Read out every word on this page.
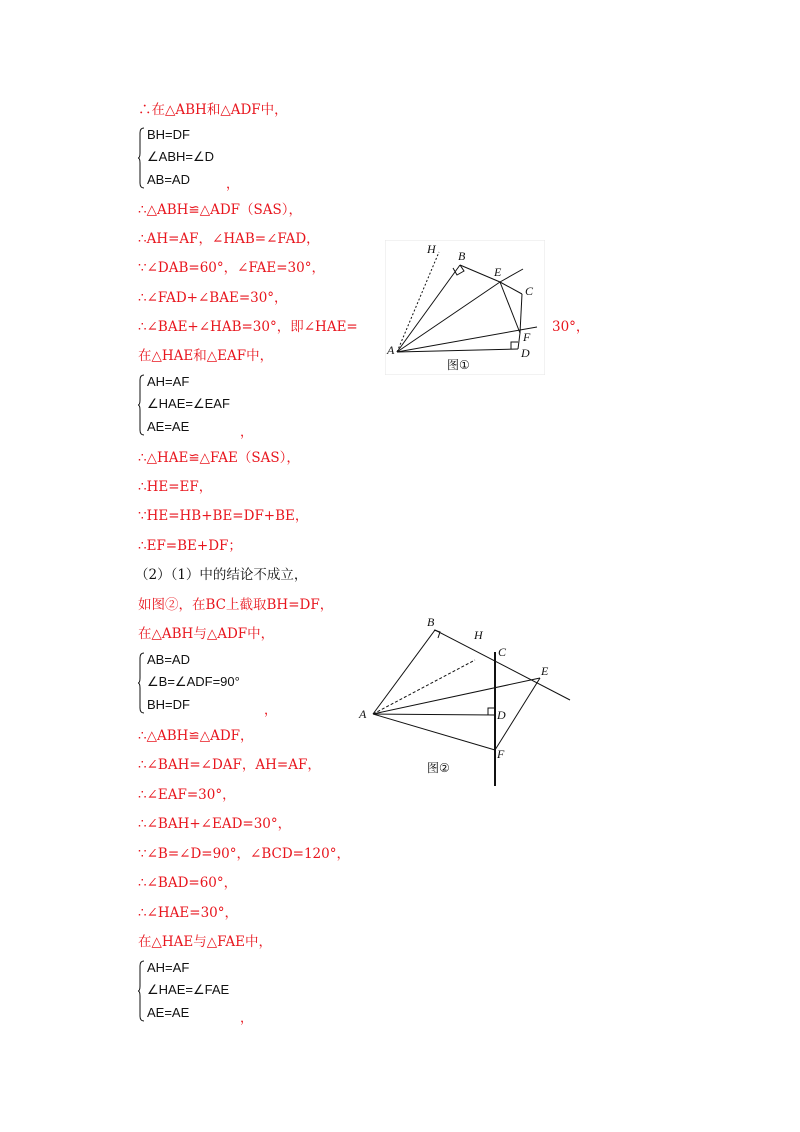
∴在△ABH和△ADF中，
BH=DF
∠ABH=∠D
AB=AD	，
∴△ABH≌△ADF（SAS），
∴AH=AF，∠HAB=∠FAD，
∵∠DAB=60°，∠FAE=30°，
∴∠FAD+∠BAE=30°，
∴∠BAE+∠HAB=30°，即∠HAE=	30°，
在△HAE和△EAF中，
AH=AF
∠HAE=∠EAF
AE=AE	，
∴△HAE≌△FAE（SAS），
∴HE=EF，
∵HE=HB+BE=DF+BE，
∴EF=BE+DF；
（2）（1）中的结论不成立，
如图②，在BC上截取BH=DF，
在△ABH与△ADF中，
AB=AD
∠B=∠ADF=90°
BH=DF	，
∴△ABH≌△ADF，
∴∠BAH=∠DAF，AH=AF，
∴∠EAF=30°，
∴∠BAH+∠EAD=30°，
∵∠B=∠D=90°，∠BCD=120°，
∴∠BAD=60°，
∴∠HAE=30°，
在△HAE与△FAE中，
AH=AF
∠HAE=∠FAE
AE=AE	，
H B
E
C
A
F
D
图①
B
H
C
E
A	D
F
图②
